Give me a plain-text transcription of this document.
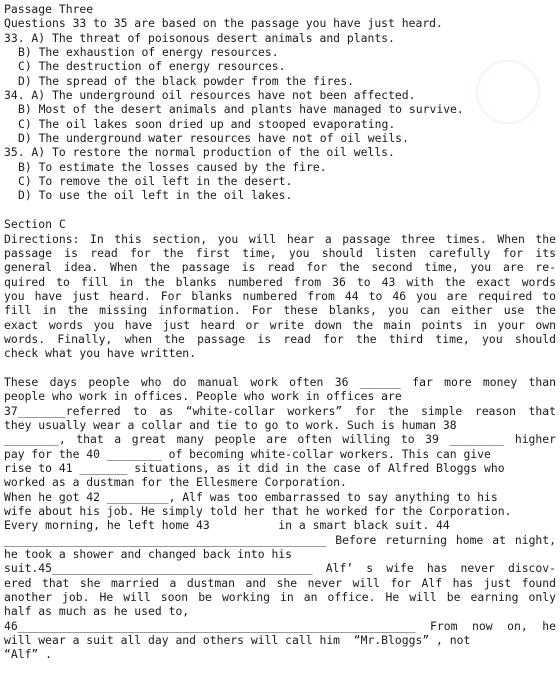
Passage Three
Questions 33 to 35 are based on the passage you have just heard.
33. A) The threat of poisonous desert animals and plants.
B) The exhaustion of energy resources.
C) The destruction of energy resources.
D) The spread of the black powder from the fires.
34. A) The underground oil resources have not been affected.
B) Most of the desert animals and plants have managed to survive.
C) The oil lakes soon dried up and stooped evaporating.
D) The underground water resources have not of oil weils.
35. A) To restore the normal production of the oil wells.
B) To estimate the losses caused by the fire.
C) To remove the oil left in the desert.
D) To use the oil left in the oil lakes.
Section C
Directions: In this section, you will hear a passage three times. When the
passage is read for the first time, you should listen carefully for its
general idea. When the passage is read for the second time, you are re-
quired to fill in the blanks numbered from 36 to 43 with the exact words
you have just heard. For blanks numbered from 44 to 46 you are required to
fill in the missing information. For these blanks, you can either use the
exact words you have just heard or write down the main points in your own
words. Finally, when the passage is read for the third time, you should
check what you have written.
These days people who do manual work often 36 ______ far more money than
people who work in offices. People who work in offices are
37_______referred to as “white-collar workers” for the simple reason that
they usually wear a collar and tie to go to work. Such is human 38
________, that a great many people are often willing to 39 ________ higher
pay for the 40 ________ of becoming white-collar workers. This can give
rise to 41 _______ situations, as it did in the case of Alfred Bloggs who
worked as a dustman for the Ellesmere Corporation.
When he got 42 _________, Alf was too embarrassed to say anything to his
wife about his job. He simply told her that he worked for the Corporation.
Every morning, he left home 43          in a smart black suit. 44
_______________________________________________ Before returning home at night,
he took a shower and changed back into his
suit.45______________________________________ Alf’ s wife has never discov-
ered that she married a dustman and she never will for Alf has just found
another job. He will soon be working in an office. He will be earning only
half as much as he used to,
46__________________________________________________________ From now on, he
will wear a suit all day and others will call him  “Mr.Bloggs” , not
“Alf” .
